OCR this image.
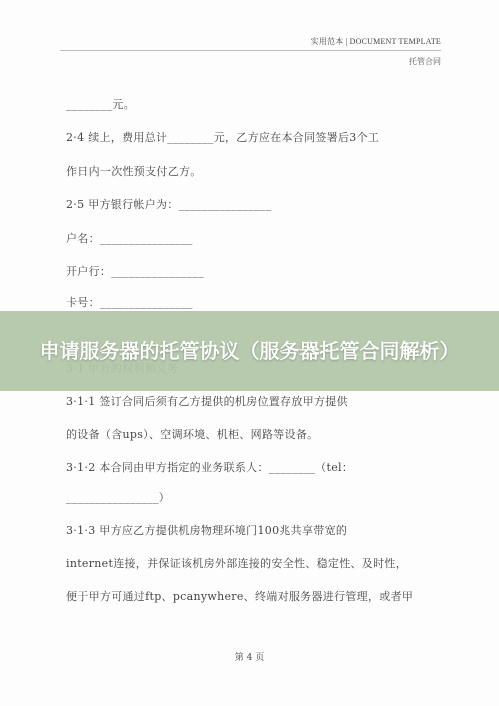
实用范本 | DOCUMENT TEMPLATE
托管合同
________元。
2·4 续上，费用总计________元，乙方应在本合同签署后3个工
作日内一次性预支付乙方。
2·5 甲方银行帐户为：________________
户名：________________
开户行：________________
卡号：________________
3·1·1 签订合同后须有乙方提供的机房位置存放甲方提供
的设备（含ups）、空调环境、机柜、网路等设备。
3·1·2 本合同由甲方指定的业务联系人：________（tel：
________________）
3·1·3 甲方应乙方提供机房物理环境门100兆共享带宽的
internet连接，并保证该机房外部连接的安全性、稳定性、及时性，
便于甲方可通过ftp、pcanywhere、终端对服务器进行管理，或者甲
第 4 页
申请服务器的托管协议（服务器托管合同解析）
